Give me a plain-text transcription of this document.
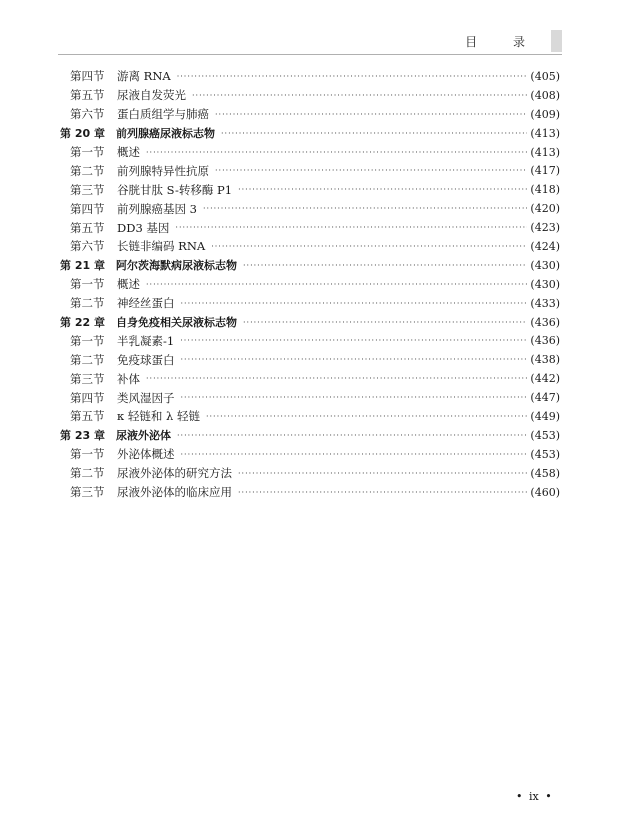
目 录
第四节	游离 RNA ·····	(405)
第五节	尿液自发荧光 ·····	(408)
第六节	蛋白质组学与肺癌 ·····	(409)
第 20 章	前列腺癌尿液标志物 ·····	(413)
第一节	概述 ·····	(413)
第二节	前列腺特异性抗原 ·····	(417)
第三节	谷胱甘肽 S-转移酶 P1 ·····	(418)
第四节	前列腺癌基因 3 ·····	(420)
第五节	DD3 基因 ·····	(423)
第六节	长链非编码 RNA ·····	(424)
第 21 章	阿尔茨海默病尿液标志物 ·····	(430)
第一节	概述 ·····	(430)
第二节	神经丝蛋白 ·····	(433)
第 22 章	自身免疫相关尿液标志物 ·····	(436)
第一节	半乳凝素-1 ·····	(436)
第二节	免疫球蛋白 ·····	(438)
第三节	补体 ·····	(442)
第四节	类风湿因子 ·····	(447)
第五节	κ 轻链和 λ 轻链 ·····	(449)
第 23 章	尿液外泌体 ·····	(453)
第一节	外泌体概述 ·····	(453)
第二节	尿液外泌体的研究方法 ·····	(458)
第三节	尿液外泌体的临床应用 ·····	(460)
• ix •
